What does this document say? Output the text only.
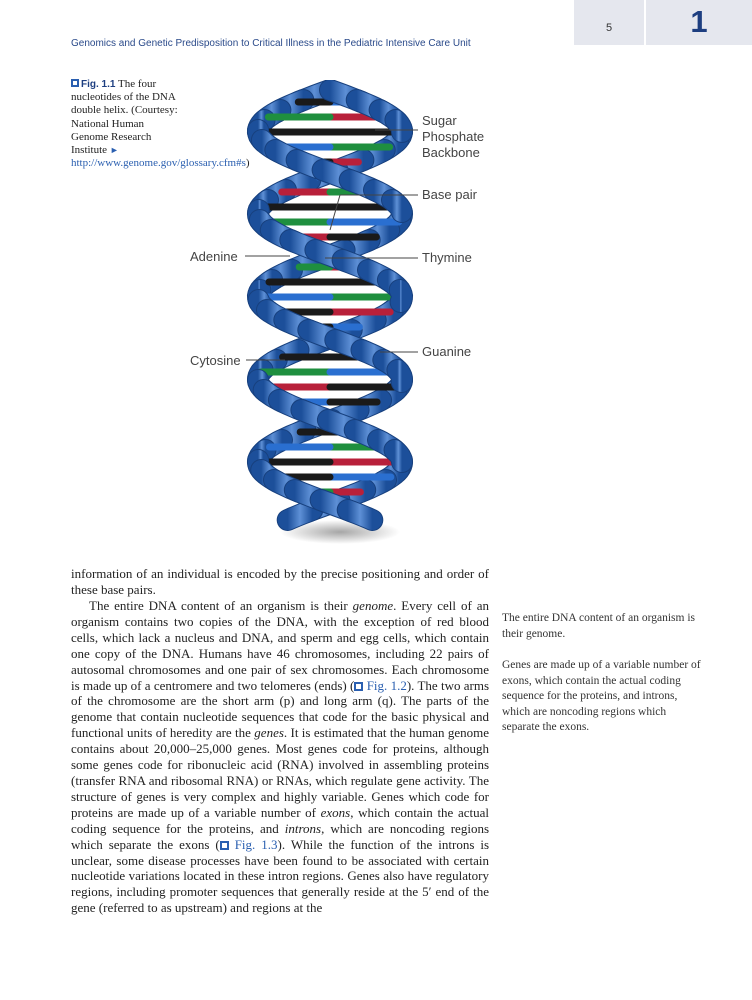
5	1
Genomics and Genetic Predisposition to Critical Illness in the Pediatric Intensive Care Unit
Fig. 1.1 The four nucleotides of the DNA double helix. (Courtesy: National Human Genome Research Institute ► http://www.genome.gov/glossary.cfm#s)
Sugar
Phosphate
Backbone
Base pair
Thymine
Guanine
Adenine
Cytosine
information of an individual is encoded by the precise positioning and order of these base pairs.
The entire DNA content of an organism is their genome. Every cell of an organism contains two copies of the DNA, with the exception of red blood cells, which lack a nucleus and DNA, and sperm and egg cells, which contain one copy of the DNA. Humans have 46 chromosomes, including 22 pairs of autosomal chromosomes and one pair of sex chromosomes. Each chromosome is made up of a centromere and two telomeres (ends) ( Fig. 1.2). The two arms of the chromosome are the short arm (p) and long arm (q). The parts of the genome that contain nucleotide sequences that code for the basic physical and functional units of heredity are the genes. It is estimated that the human genome contains about 20,000–25,000 genes. Most genes code for proteins, although some genes code for ribonucleic acid (RNA) involved in assembling proteins (transfer RNA and ribosomal RNA) or RNAs, which regulate gene activity. The structure of genes is very complex and highly variable. Genes which code for proteins are made up of a variable number of exons, which contain the actual coding sequence for the proteins, and introns, which are noncoding regions which separate the exons ( Fig. 1.3). While the function of the introns is unclear, some disease processes have been found to be associated with certain nucleotide variations located in these intron regions. Genes also have regulatory regions, including promoter sequences that generally reside at the 5′ end of the gene (referred to as upstream) and regions at the
The entire DNA content of an organism is their genome.
Genes are made up of a variable number of exons, which contain the actual coding sequence for the proteins, and introns, which are noncoding regions which separate the exons.
